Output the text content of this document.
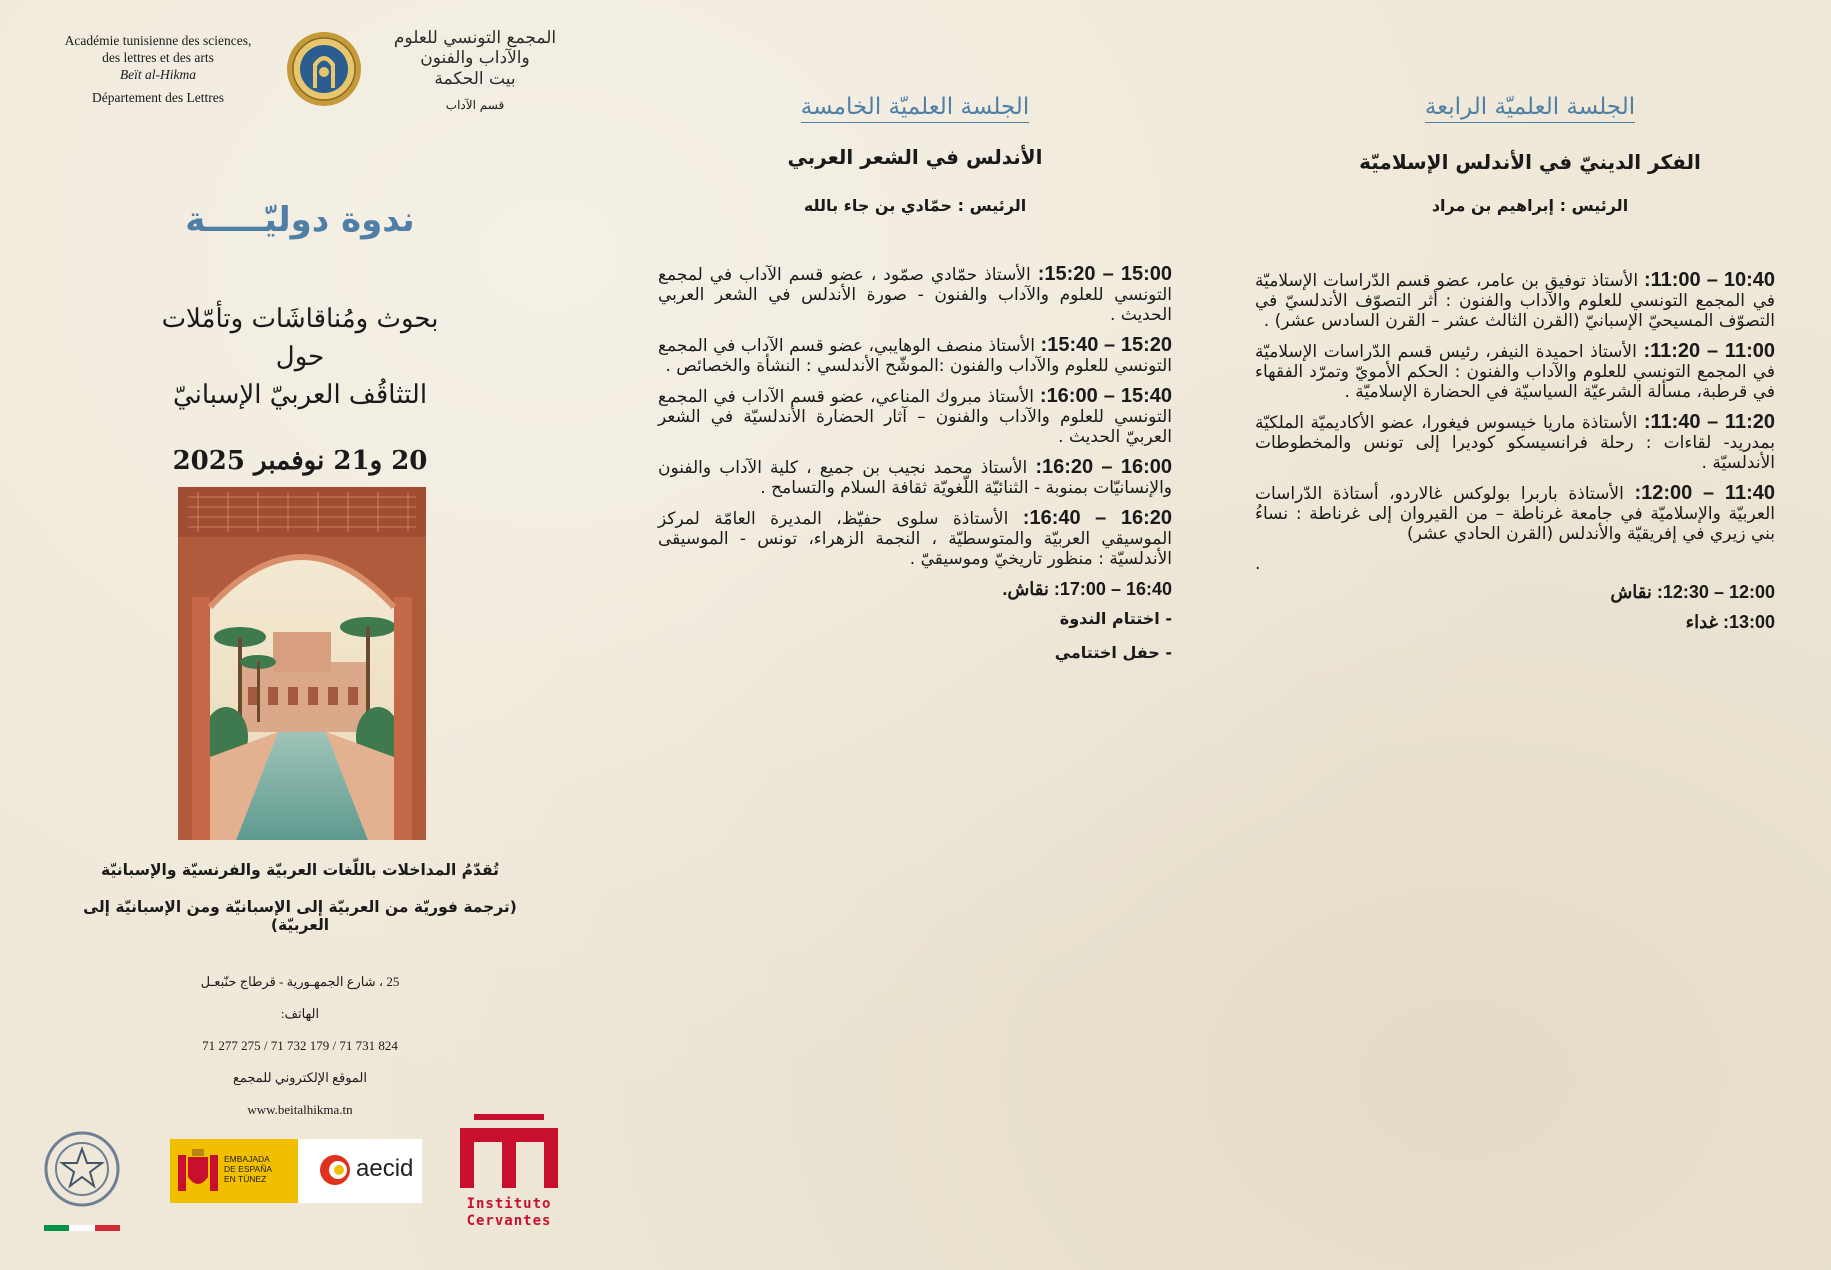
Académie tunisienne des sciences,
des lettres et des arts
Beït al-Hikma
Département des Lettres
المجمع التونسي للعلوم والآداب والفنون
بيت الحكمة
قسم الآداب
ندوة دوليّـــــة
بحوث ومُناقاشَات وتأمّلات
حول
التثاقُف العربيّ الإسبانيّ
20 و21 نوفمبر 2025
تُقدّمُ المداخلات باللّغات العربيّة والفرنسيّة والإسبانيّة
(ترجمة فوريّة من العربيّة إلى الإسبانيّة ومن الإسبانيّة إلى العربيّة)
25 ، شارع الجمهـورية - قرطاج حنّبعـل
الهاتف:
71 277 275 / 71 732 179 / 71 731 824
الموقع الإلكتروني للمجمع
www.beitalhikma.tn
EMBAJADA
DE ESPAÑA
EN TÚNEZ	aecid
Instituto
Cervantes
الجلسة العلميّة الخامسة
الأندلس في الشعر العربي
الرئيس : حمّادي بن جاء بالله
15:00 – 15:20: الأستاذ حمّادي صمّود ، عضو قسم الآداب في لمجمع التونسي للعلوم والآداب والفنون - صورة الأندلس في الشعر العربي الحديث .
15:20 – 15:40: الأستاذ منصف الوهايبي، عضو قسم الآداب في المجمع التونسي للعلوم والآداب والفنون :الموشّح الأندلسي : النشأة والخصائص .
15:40 – 16:00: الأستاذ مبروك المناعي، عضو قسم الآداب في المجمع التونسي للعلوم والآداب والفنون – آثار الحضارة الأندلسيّة في الشعر العربيّ الحديث .
16:00 – 16:20: الأستاذ محمد نجيب بن جميع ، كلية الآداب والفنون والإنسانيّات بمنوبة - الثنائيّة اللّغويّة ثقافة السلام والتسامح .
16:20 – 16:40: الأستاذة سلوى حفيّظ، المديرة العامّة لمركز الموسيقي العربيّة والمتوسطيّة ، النجمة الزهراء، تونس - الموسيقى الأندلسيّة : منظور تاريخيّ وموسيقيّ .
16:40 – 17:00: نقاش.
- اختتام الندوة
- حفل اختتامي
الجلسة العلميّة الرابعة
الفكر الدينيّ في الأندلس الإسلاميّة
الرئيس : إبراهيم بن مراد
10:40 – 11:00: الأستاذ توفيق بن عامر، عضو قسم الدّراسات الإسلاميّة في المجمع التونسي للعلوم والآداب والفنون : أثر التصوّف الأندلسيّ في التصوّف المسيحيّ الإسبانيّ (القرن الثالث عشر – القرن السادس عشر) .
11:00 – 11:20: الأستاذ احميدة النيفر، رئيس قسم الدّراسات الإسلاميّة في المجمع التونسي للعلوم والآداب والفنون : الحكم الأمويّ وتمرّد الفقهاء في قرطبة، مسألة الشرعيّة السياسيّة في الحضارة الإسلاميّة .
11:20 – 11:40: الأستاذة ماريا خيسوس فيغورا، عضو الأكاديميّة الملكيّة بمدريد- لقاءات : رحلة فرانسيسكو كوديرا إلى تونس والمخطوطات الأندلسيّة .
11:40 – 12:00: الأستاذة باربرا بولوكس غالاردو، أستاذة الدّراسات العربيّة والإسلاميّة في جامعة غرناطة – من القيروان إلى غرناطة : نساءُ بني زيري في إفريقيّة والأندلس (القرن الحادي عشر)
.
12:00 – 12:30: نقاش
13:00: غداء
